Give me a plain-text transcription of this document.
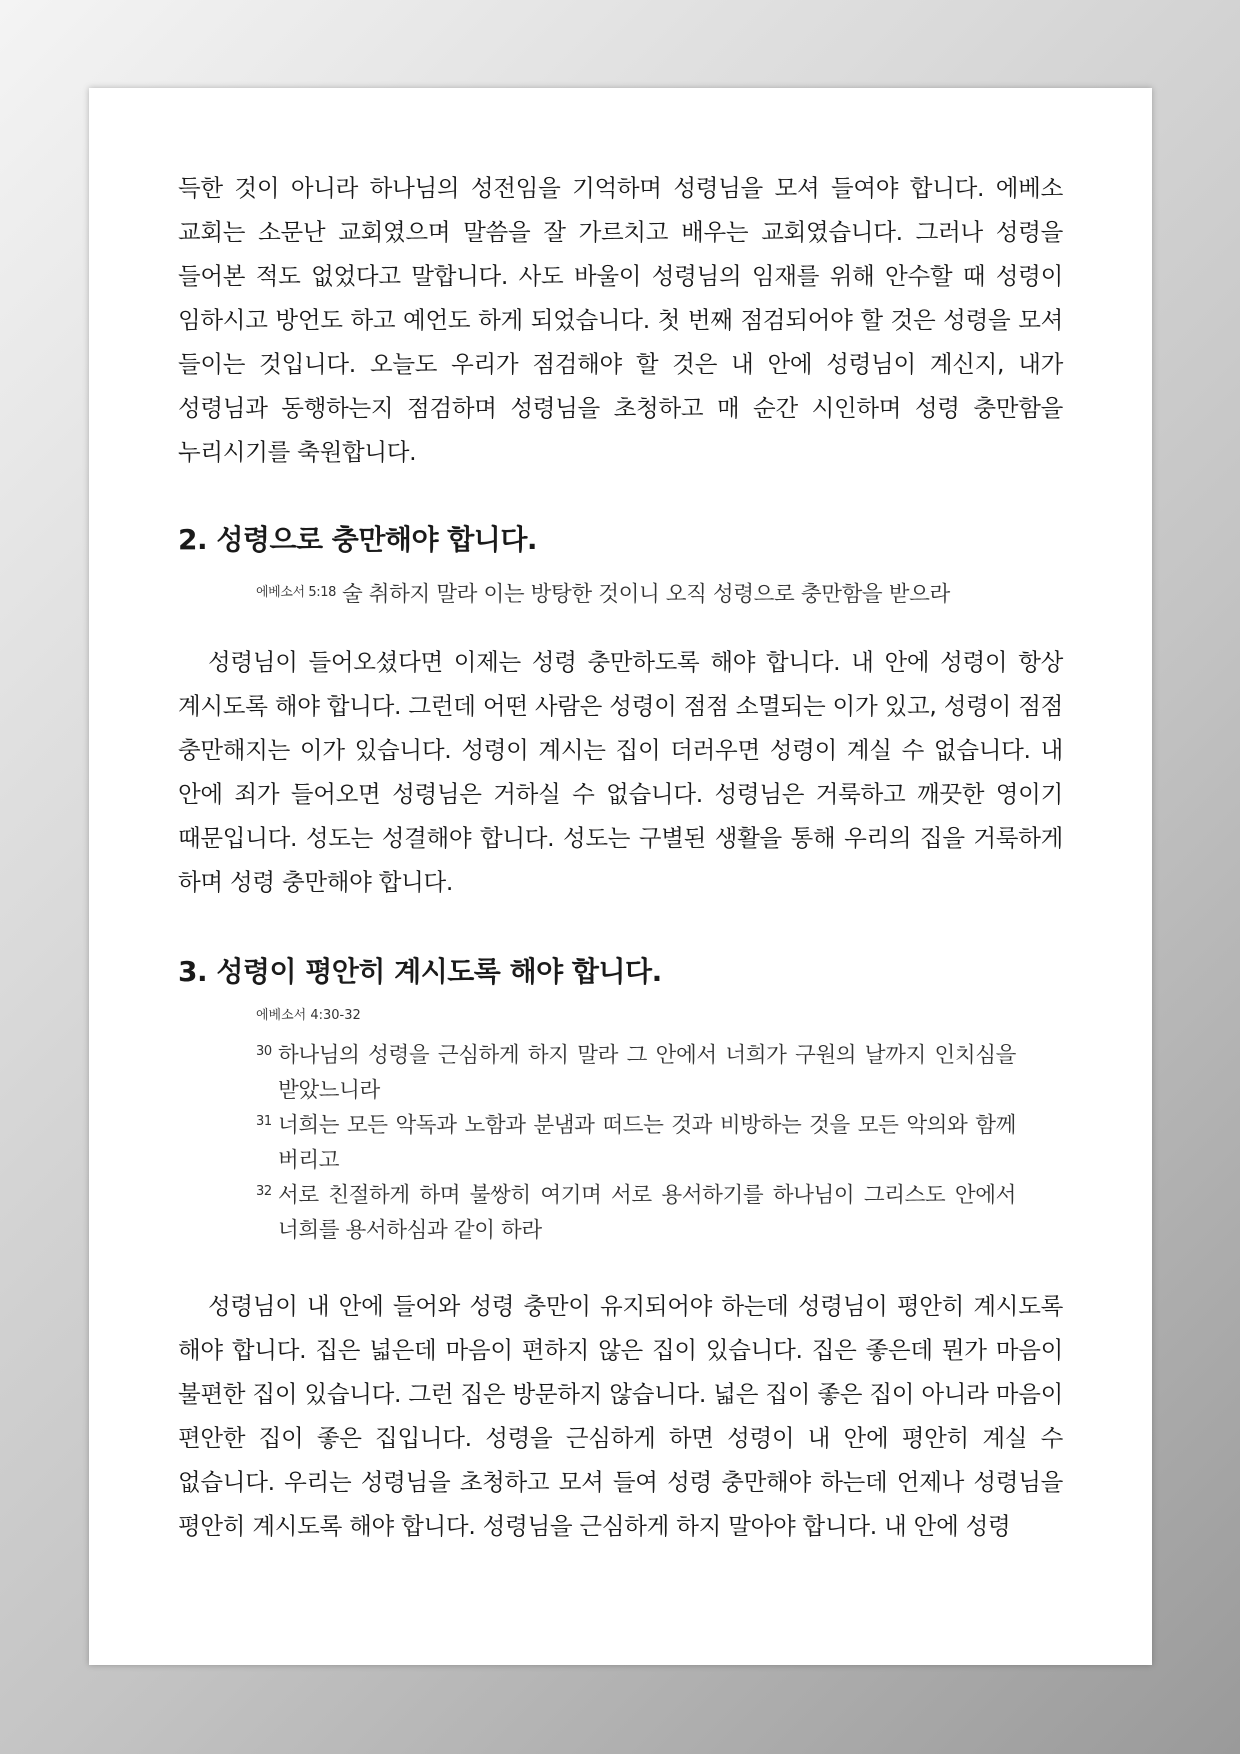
득한 것이 아니라 하나님의 성전임을 기억하며 성령님을 모셔 들여야 합니다. 에베소 교회는 소문난 교회였으며 말씀을 잘 가르치고 배우는 교회였습니다. 그러나 성령을 들어본 적도 없었다고 말합니다. 사도 바울이 성령님의 임재를 위해 안수할 때 성령이 임하시고 방언도 하고 예언도 하게 되었습니다. 첫 번째 점검되어야 할 것은 성령을 모셔 들이는 것입니다. 오늘도 우리가 점검해야 할 것은 내 안에 성령님이 계신지, 내가 성령님과 동행하는지 점검하며 성령님을 초청하고 매 순간 시인하며 성령 충만함을 누리시기를 축원합니다.

2. 성령으로 충만해야 합니다.
$^{에베소서 5:18}$ 술 취하지 말라 이는 방탕한 것이니 오직 성령으로 충만함을 받으라

성령님이 들어오셨다면 이제는 성령 충만하도록 해야 합니다. 내 안에 성령이 항상 계시도록 해야 합니다. 그런데 어떤 사람은 성령이 점점 소멸되는 이가 있고, 성령이 점점 충만해지는 이가 있습니다. 성령이 계시는 집이 더러우면 성령이 계실 수 없습니다. 내 안에 죄가 들어오면 성령님은 거하실 수 없습니다. 성령님은 거룩하고 깨끗한 영이기 때문입니다. 성도는 성결해야 합니다. 성도는 구별된 생활을 통해 우리의 집을 거룩하게 하며 성령 충만해야 합니다.

3. 성령이 평안히 계시도록 해야 합니다.
에베소서 4:30-32
30 하나님의 성령을 근심하게 하지 말라 그 안에서 너희가 구원의 날까지 인치심을 받았느니라
31 너희는 모든 악독과 노함과 분냄과 떠드는 것과 비방하는 것을 모든 악의와 함께 버리고
32 서로 친절하게 하며 불쌍히 여기며 서로 용서하기를 하나님이 그리스도 안에서 너희를 용서하심과 같이 하라

성령님이 내 안에 들어와 성령 충만이 유지되어야 하는데 성령님이 평안히 계시도록 해야 합니다. 집은 넓은데 마음이 편하지 않은 집이 있습니다. 집은 좋은데 뭔가 마음이 불편한 집이 있습니다. 그런 집은 방문하지 않습니다. 넓은 집이 좋은 집이 아니라 마음이 편안한 집이 좋은 집입니다. 성령을 근심하게 하면 성령이 내 안에 평안히 계실 수 없습니다. 우리는 성령님을 초청하고 모셔 들여 성령 충만해야 하는데 언제나 성령님을 평안히 계시도록 해야 합니다. 성령님을 근심하게 하지 말아야 합니다. 내 안에 성령
